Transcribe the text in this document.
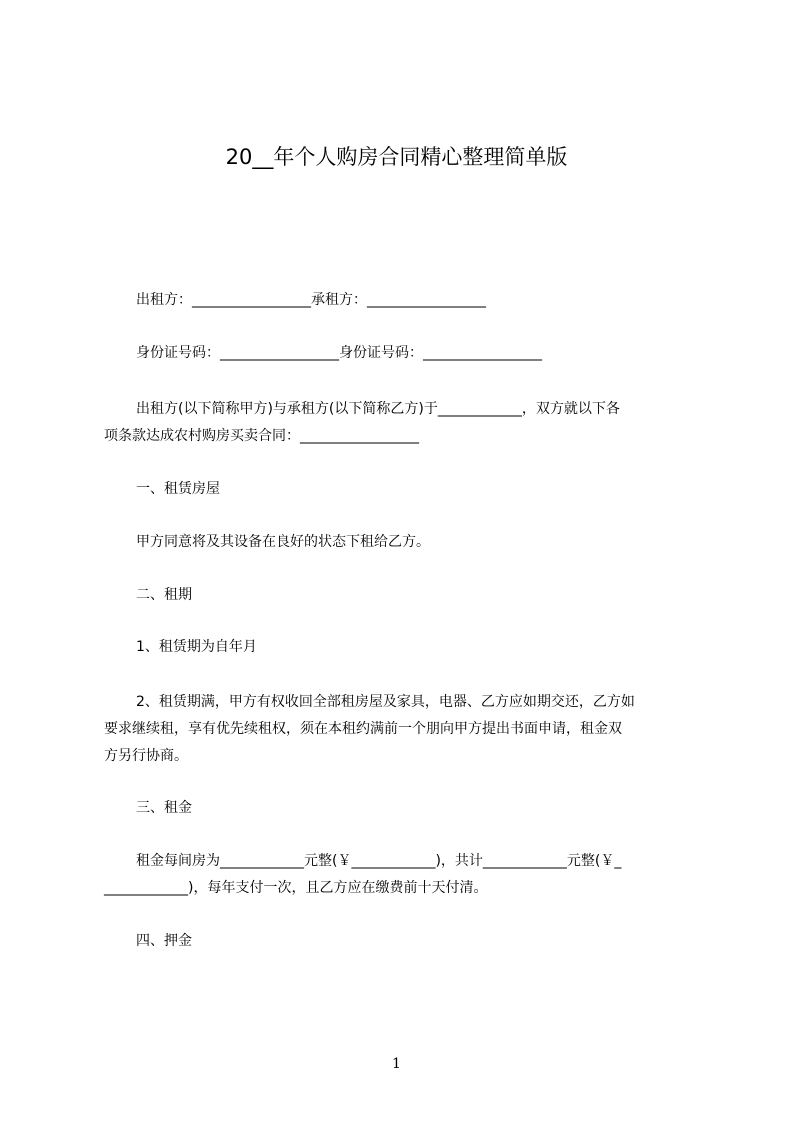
20__年个人购房合同精心整理简单版
出租方：_________________承租方：_________________
身份证号码：_________________身份证号码：_________________
出租方(以下简称甲方)与承租方(以下简称乙方)于____________，双方就以下各
项条款达成农村购房买卖合同：_________________
一、租赁房屋
甲方同意将及其设备在良好的状态下租给乙方。
二、租期
1、租赁期为自年月
2、租赁期满，甲方有权收回全部租房屋及家具，电器、乙方应如期交还，乙方如
要求继续租，享有优先续租权，须在本租约满前一个朋向甲方提出书面申请，租金双
方另行协商。
三、租金
租金每间房为____________元整(￥____________)，共计____________元整(￥_
____________)，每年支付一次，且乙方应在缴费前十天付清。
四、押金
1
